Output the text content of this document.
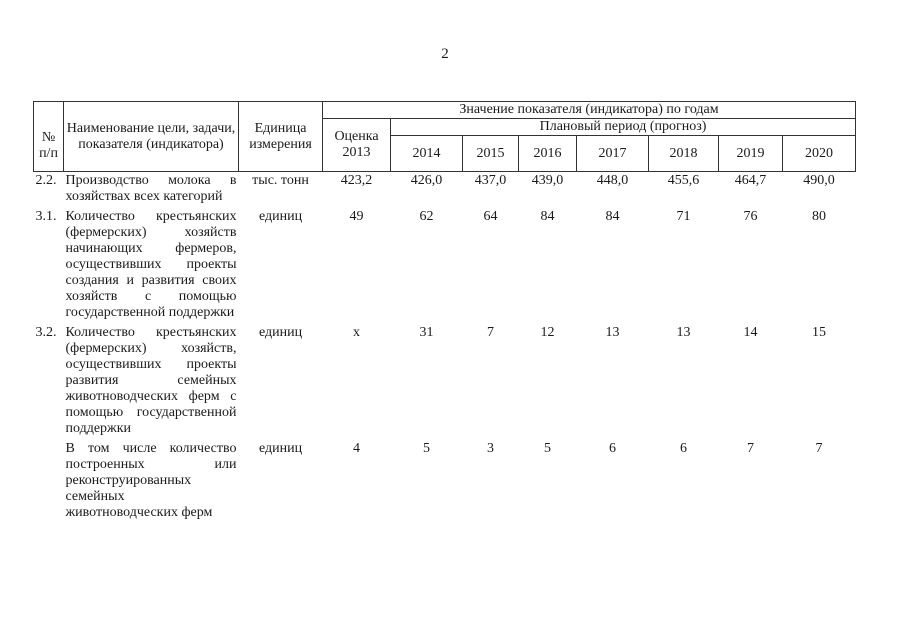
2
№ п/п	Наименование цели, задачи, показателя (индикатора)	Единица измерения	Значение показателя (индикатора) по годам							
			Оценка 2013	Плановый период (прогноз)						
				2014	2015	2016	2017	2018	2019	2020
2.2.	Производство молока в хозяйствах всех категорий	тыс. тонн	423,2	426,0	437,0	439,0	448,0	455,6	464,7	490,0
3.1.	Количество крестьянских (фермерских) хозяйств начинающих фермеров, осуществивших проекты создания и развития своих хозяйств с помощью государственной поддержки	единиц	49	62	64	84	84	71	76	80
3.2.	Количество крестьянских (фермерских) хозяйств, осуществивших проекты развития семейных животноводческих ферм с помощью государственной поддержки	единиц	x	31	7	12	13	13	14	15
	В том числе количество построенных или реконструированных семейных животноводческих ферм	единиц	4	5	3	5	6	6	7	7
